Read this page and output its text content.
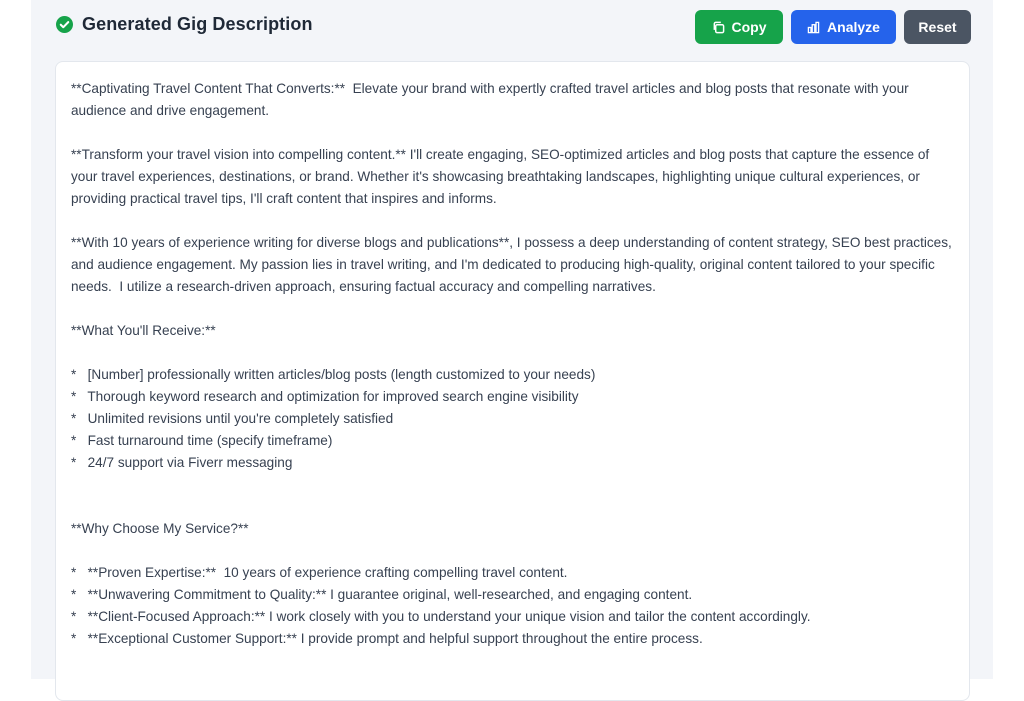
Generated Gig Description	Copy	Analyze	Reset

**Captivating Travel Content That Converts:**  Elevate your brand with expertly crafted travel articles and blog posts that resonate with your audience and drive engagement.

**Transform your travel vision into compelling content.** I'll create engaging, SEO-optimized articles and blog posts that capture the essence of your travel experiences, destinations, or brand. Whether it's showcasing breathtaking landscapes, highlighting unique cultural experiences, or providing practical travel tips, I'll craft content that inspires and informs.

**With 10 years of experience writing for diverse blogs and publications**, I possess a deep understanding of content strategy, SEO best practices, and audience engagement. My passion lies in travel writing, and I'm dedicated to producing high-quality, original content tailored to your specific needs.  I utilize a research-driven approach, ensuring factual accuracy and compelling narratives.

**What You'll Receive:**

*   [Number] professionally written articles/blog posts (length customized to your needs)

*   Thorough keyword research and optimization for improved search engine visibility

*   Unlimited revisions until you're completely satisfied

*   Fast turnaround time (specify timeframe)

*   24/7 support via Fiverr messaging

**Why Choose My Service?**

*   **Proven Expertise:**  10 years of experience crafting compelling travel content.

*   **Unwavering Commitment to Quality:** I guarantee original, well-researched, and engaging content.

*   **Client-Focused Approach:** I work closely with you to understand your unique vision and tailor the content accordingly.

*   **Exceptional Customer Support:** I provide prompt and helpful support throughout the entire process.
